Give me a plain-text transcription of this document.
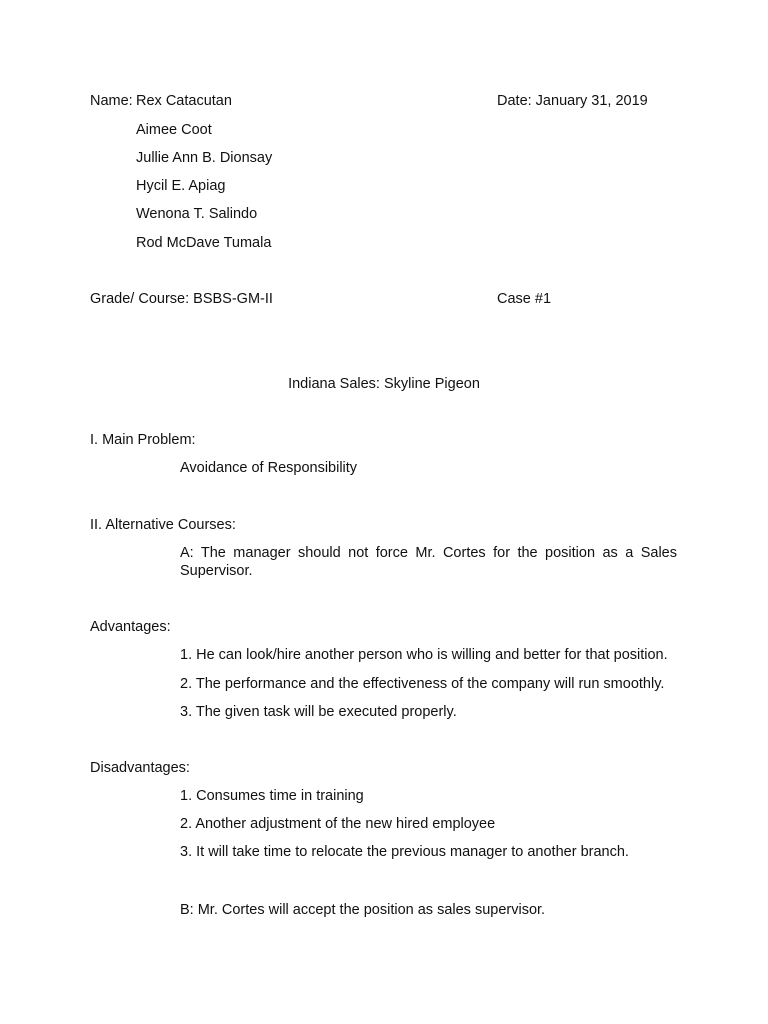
Name: Rex Catacutan
Aimee Coot
Jullie Ann B. Dionsay
Hycil E. Apiag
Wenona T. Salindo
Rod McDave Tumala
Date: January 31, 2019
Grade/ Course: BSBS-GM-II	Case #1
Indiana Sales: Skyline Pigeon
I. Main Problem:
Avoidance of Responsibility
II. Alternative Courses:
A: The manager should not force Mr. Cortes for the position as a Sales Supervisor.
Advantages:
1. He can look/hire another person who is willing and better for that position.
2. The performance and the effectiveness of the company will run smoothly.
3. The given task will be executed properly.
Disadvantages:
1. Consumes time in training
2. Another adjustment of the new hired employee
3. It will take time to relocate the previous manager to another branch.
B: Mr. Cortes will accept the position as sales supervisor.
